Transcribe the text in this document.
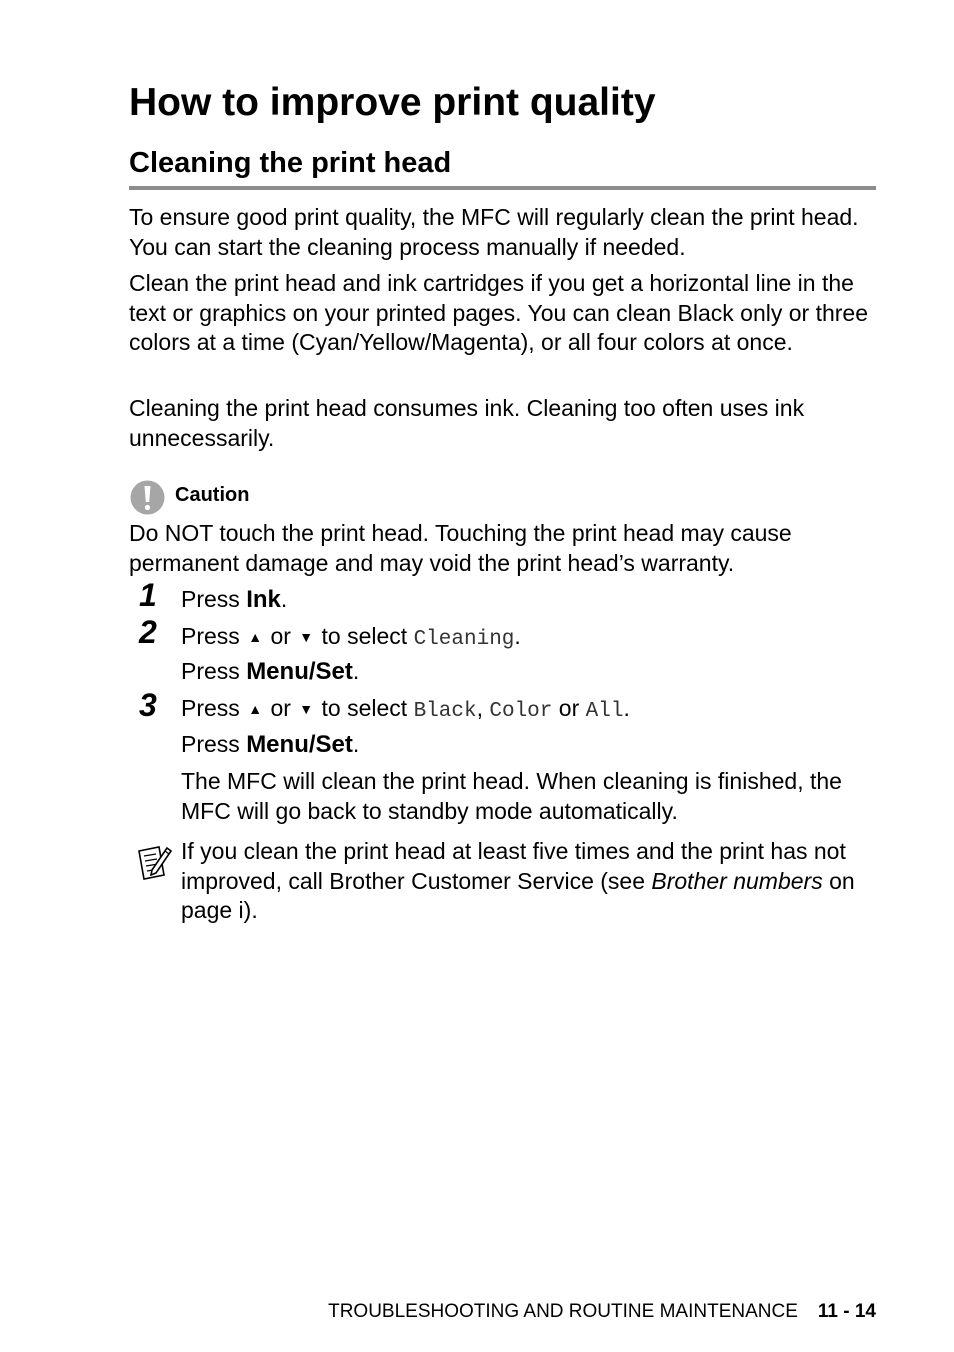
How to improve print quality
Cleaning the print head

To ensure good print quality, the MFC will regularly clean the print head. You can start the cleaning process manually if needed.

Clean the print head and ink cartridges if you get a horizontal line in the text or graphics on your printed pages. You can clean Black only or three colors at a time (Cyan/Yellow/Magenta), or all four colors at once.

Cleaning the print head consumes ink. Cleaning too often uses ink unnecessarily.

Caution

Do NOT touch the print head. Touching the print head may cause permanent damage and may void the print head’s warranty.

1	Press Ink.

2	Press ▲ or ▼ to select Cleaning.

Press Menu/Set.

3	Press ▲ or ▼ to select Black, Color or All.

Press Menu/Set.

The MFC will clean the print head. When cleaning is finished, the MFC will go back to standby mode automatically.

If you clean the print head at least five times and the print has not improved, call Brother Customer Service (see Brother numbers on page i).

TROUBLESHOOTING AND ROUTINE MAINTENANCE 11 - 14
